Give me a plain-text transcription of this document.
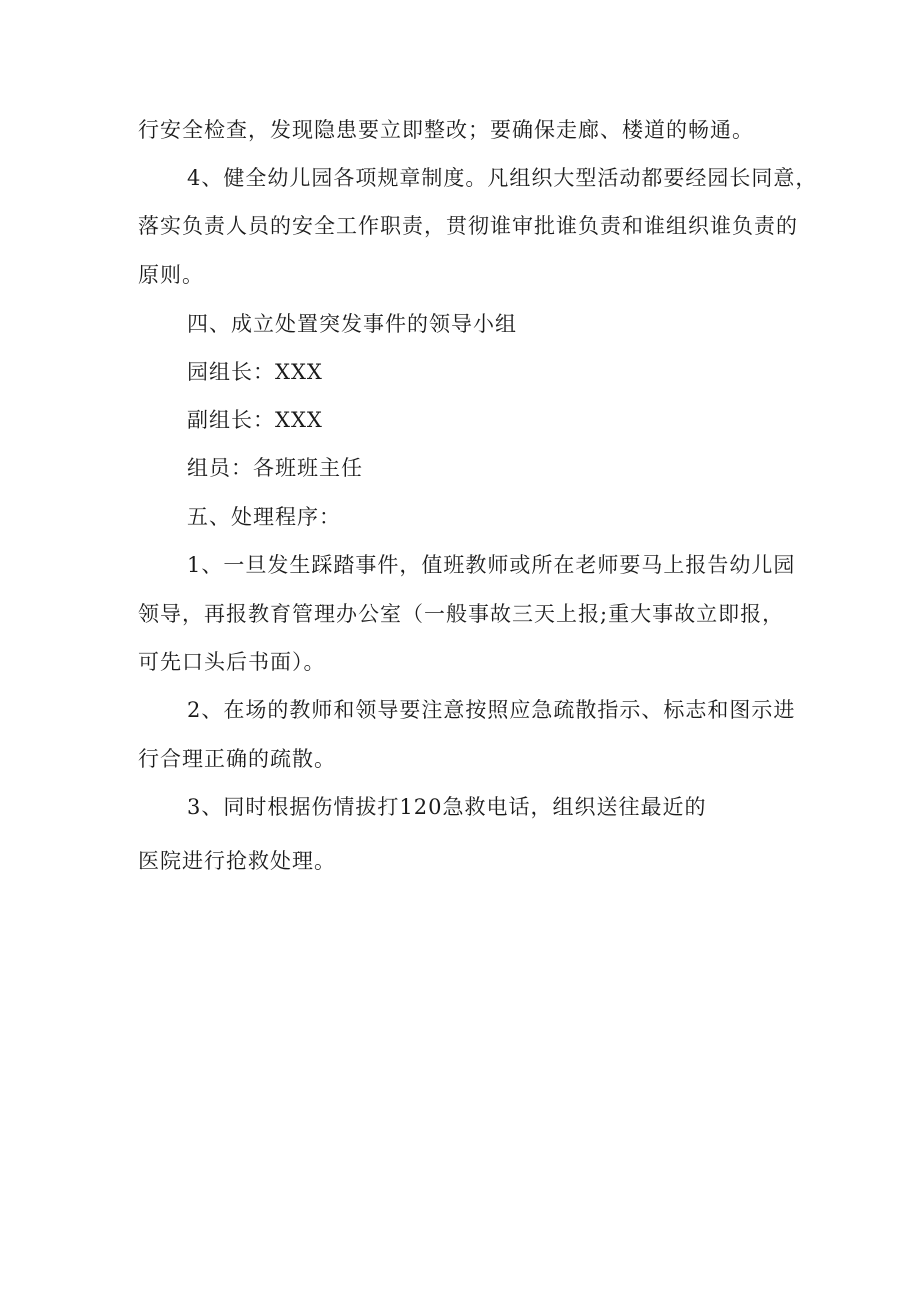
行安全检查，发现隐患要立即整改；要确保走廊、楼道的畅通。
4、健全幼儿园各项规章制度。凡组织大型活动都要经园长同意，
落实负责人员的安全工作职责，贯彻谁审批谁负责和谁组织谁负责的
原则。
四、成立处置突发事件的领导小组
园组长：XXX
副组长：XXX
组员：各班班主任
五、处理程序：
1、一旦发生踩踏事件，值班教师或所在老师要马上报告幼儿园
领导，再报教育管理办公室（一般事故三天上报;重大事故立即报，
可先口头后书面）。
2、在场的教师和领导要注意按照应急疏散指示、标志和图示进
行合理正确的疏散。
3、同时根据伤情拔打120急救电话，组织送往最近的
医院进行抢救处理。
